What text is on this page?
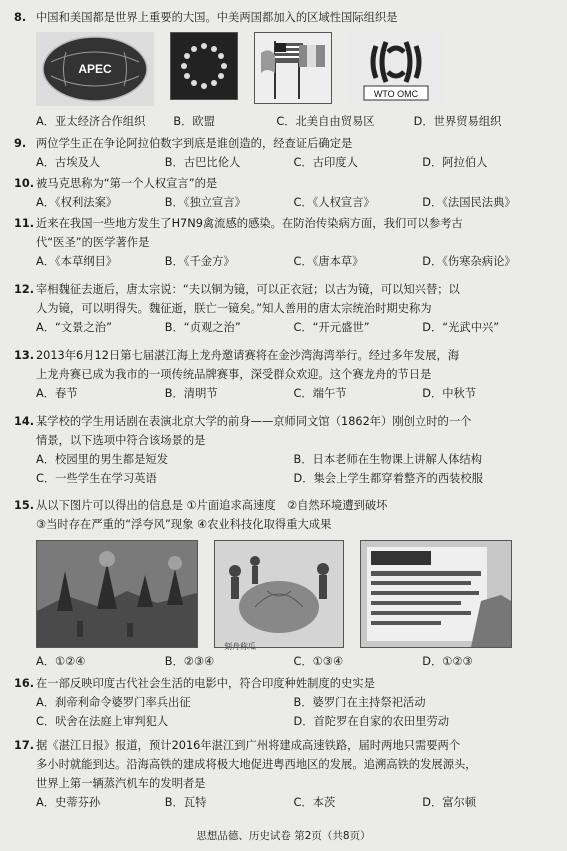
8. 中国和美国都是世界上重要的大国。中美两国都加入的区域性国际组织是
APEC
WTO OMC
A．亚太经济合作组织	B．欧盟	C．北美自由贸易区	D．世界贸易组织
9. 两位学生正在争论阿拉伯数字到底是谁创造的，经查证后确定是
A．古埃及人	B．古巴比伦人	C．古印度人	D．阿拉伯人
10. 被马克思称为“第一个人权宣言”的是
A．《权利法案》	B．《独立宣言》	C．《人权宣言》	D．《法国民法典》
11. 近来在我国一些地方发生了H7N9禽流感的感染。在防治传染病方面，我们可以参考古
代“医圣”的医学著作是
A．《本草纲目》	B．《千金方》	C．《唐本草》	D．《伤寒杂病论》
12. 宰相魏征去逝后，唐太宗说：“夫以铜为镜，可以正衣冠；以古为镜，可以知兴替；以
人为镜，可以明得失。魏征逝，朕亡一镜矣。”知人善用的唐太宗统治时期史称为
A．“文景之治”	B．“贞观之治”	C．“开元盛世”	D．“光武中兴”
13. 2013年6月12日第七届湛江海上龙舟邀请赛将在金沙湾海湾举行。经过多年发展，海
上龙舟赛已成为我市的一项传统品牌赛事，深受群众欢迎。这个赛龙舟的节日是
A．春节	B．清明节	C．端午节	D．中秋节
14. 某学校的学生用话剧在表演北京大学的前身——京师同文馆（1862年）刚创立时的一个
情景，以下选项中符合该场景的是
A．校园里的男生都是短发	B．日本老师在生物课上讲解人体结构
C．一些学生在学习英语	D．集会上学生都穿着整齐的西装校服
15. 从以下图片可以得出的信息是 ①片面追求高速度　②自然环境遭到破坏
③当时存在严重的“浮夸风”现象 ④农业科技化取得重大成果
刻舟称瓜
A．①②④	B．②③④	C．①③④	D．①②③
16. 在一部反映印度古代社会生活的电影中，符合印度种姓制度的史实是
A．刹帝利命令婆罗门率兵出征	B．婆罗门在主持祭祀活动
C．吠舍在法庭上审判犯人	D．首陀罗在自家的农田里劳动
17. 据《湛江日报》报道，预计2016年湛江到广州将建成高速铁路，届时两地只需要两个
多小时就能到达。沿海高铁的建成将极大地促进粤西地区的发展。追溯高铁的发展源头，
世界上第一辆蒸汽机车的发明者是
A．史蒂芬孙	B．瓦特	C．本茨	D．富尔顿
思想品德、历史试卷 第2页（共8页）
